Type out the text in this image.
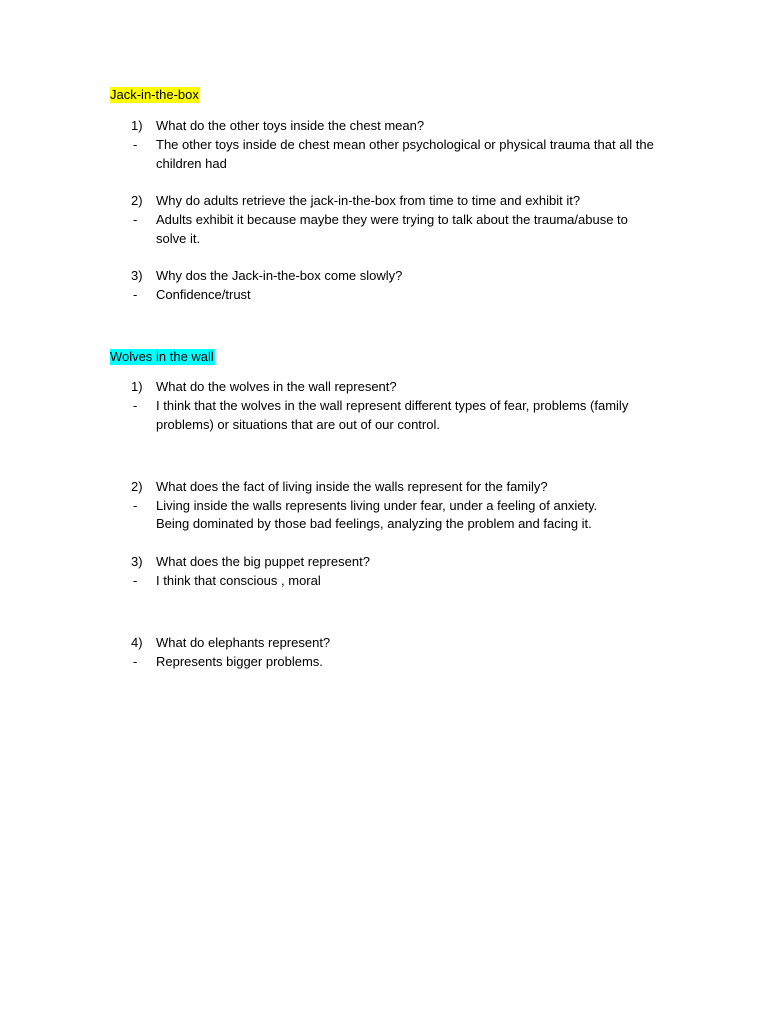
Jack-in-the-box
1) What do the other toys inside the chest mean?
- The other toys inside de chest mean other psychological or physical trauma that all the
children had
2) Why do adults retrieve the jack-in-the-box from time to time and exhibit it?
- Adults exhibit it because maybe they were trying to talk about the trauma/abuse to
solve it.
3) Why dos the Jack-in-the-box come slowly?
- Confidence/trust
Wolves in the wall
1) What do the wolves in the wall represent?
- I think that the wolves in the wall represent different types of fear, problems (family
problems) or situations that are out of our control.
2) What does the fact of living inside the walls represent for the family?
- Living inside the walls represents living under fear, under a feeling of anxiety.
Being dominated by those bad feelings, analyzing the problem and facing it.
3) What does the big puppet represent?
- I think that conscious , moral
4) What do elephants represent?
- Represents bigger problems.
